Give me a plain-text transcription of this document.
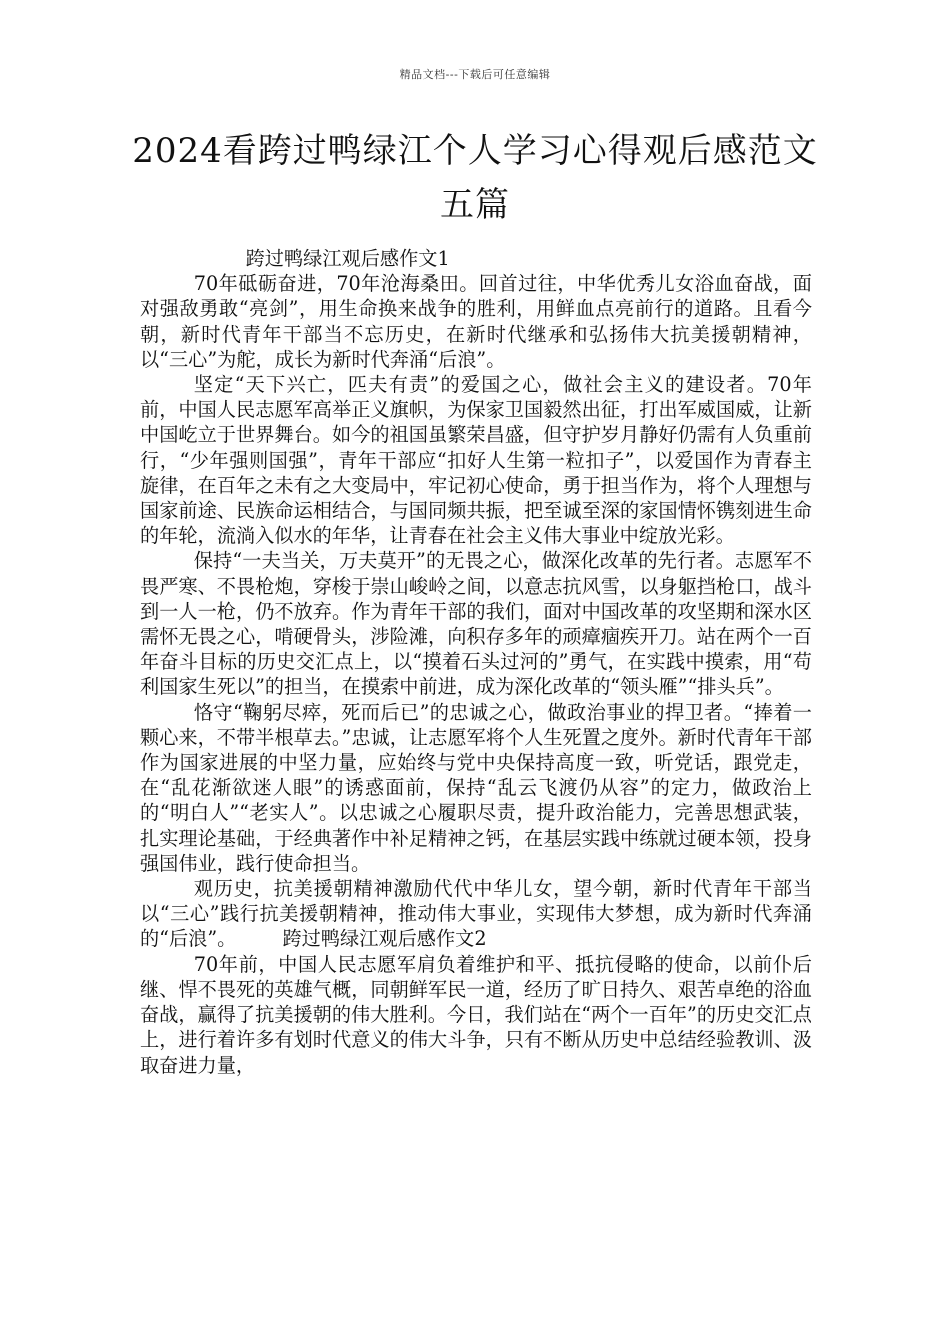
精品文档---下载后可任意编辑
2024看跨过鸭绿江个人学习心得观后感范文五篇

跨过鸭绿江观后感作文1

70年砥砺奋进，70年沧海桑田。回首过往，中华优秀儿女浴血奋战，面对强敌勇敢“亮剑”，用生命换来战争的胜利，用鲜血点亮前行的道路。且看今朝，新时代青年干部当不忘历史，在新时代继承和弘扬伟大抗美援朝精神，以“三心”为舵，成长为新时代奔涌“后浪”。

坚定“天下兴亡，匹夫有责”的爱国之心，做社会主义的建设者。70年前，中国人民志愿军高举正义旗帜，为保家卫国毅然出征，打出军威国威，让新中国屹立于世界舞台。如今的祖国虽繁荣昌盛，但守护岁月静好仍需有人负重前行，“少年强则国强”，青年干部应“扣好人生第一粒扣子”，以爱国作为青春主旋律，在百年之未有之大变局中，牢记初心使命，勇于担当作为，将个人理想与国家前途、民族命运相结合，与国同频共振，把至诚至深的家国情怀镌刻进生命的年轮，流淌入似水的年华，让青春在社会主义伟大事业中绽放光彩。

保持“一夫当关，万夫莫开”的无畏之心，做深化改革的先行者。志愿军不畏严寒、不畏枪炮，穿梭于崇山峻岭之间，以意志抗风雪，以身躯挡枪口，战斗到一人一枪，仍不放弃。作为青年干部的我们，面对中国改革的攻坚期和深水区需怀无畏之心，啃硬骨头，涉险滩，向积存多年的顽瘴痼疾开刀。站在两个一百年奋斗目标的历史交汇点上，以“摸着石头过河的”勇气，在实践中摸索，用“苟利国家生死以”的担当，在摸索中前进，成为深化改革的“领头雁”“排头兵”。

恪守“鞠躬尽瘁，死而后已”的忠诚之心，做政治事业的捍卫者。“捧着一颗心来，不带半根草去。”忠诚，让志愿军将个人生死置之度外。新时代青年干部作为国家进展的中坚力量，应始终与党中央保持高度一致，听党话，跟党走，在“乱花渐欲迷人眼”的诱惑面前，保持“乱云飞渡仍从容”的定力，做政治上的“明白人”“老实人”。以忠诚之心履职尽责，提升政治能力，完善思想武装，扎实理论基础，于经典著作中补足精神之钙，在基层实践中练就过硬本领，投身强国伟业，践行使命担当。

观历史，抗美援朝精神激励代代中华儿女，望今朝，新时代青年干部当以“三心”践行抗美援朝精神，推动伟大事业，实现伟大梦想，成为新时代奔涌的“后浪”。 跨过鸭绿江观后感作文2

70年前，中国人民志愿军肩负着维护和平、抵抗侵略的使命，以前仆后继、悍不畏死的英雄气概，同朝鲜军民一道，经历了旷日持久、艰苦卓绝的浴血奋战，赢得了抗美援朝的伟大胜利。今日，我们站在“两个一百年”的历史交汇点上，进行着许多有划时代意义的伟大斗争，只有不断从历史中总结经验教训、汲取奋进力量，
